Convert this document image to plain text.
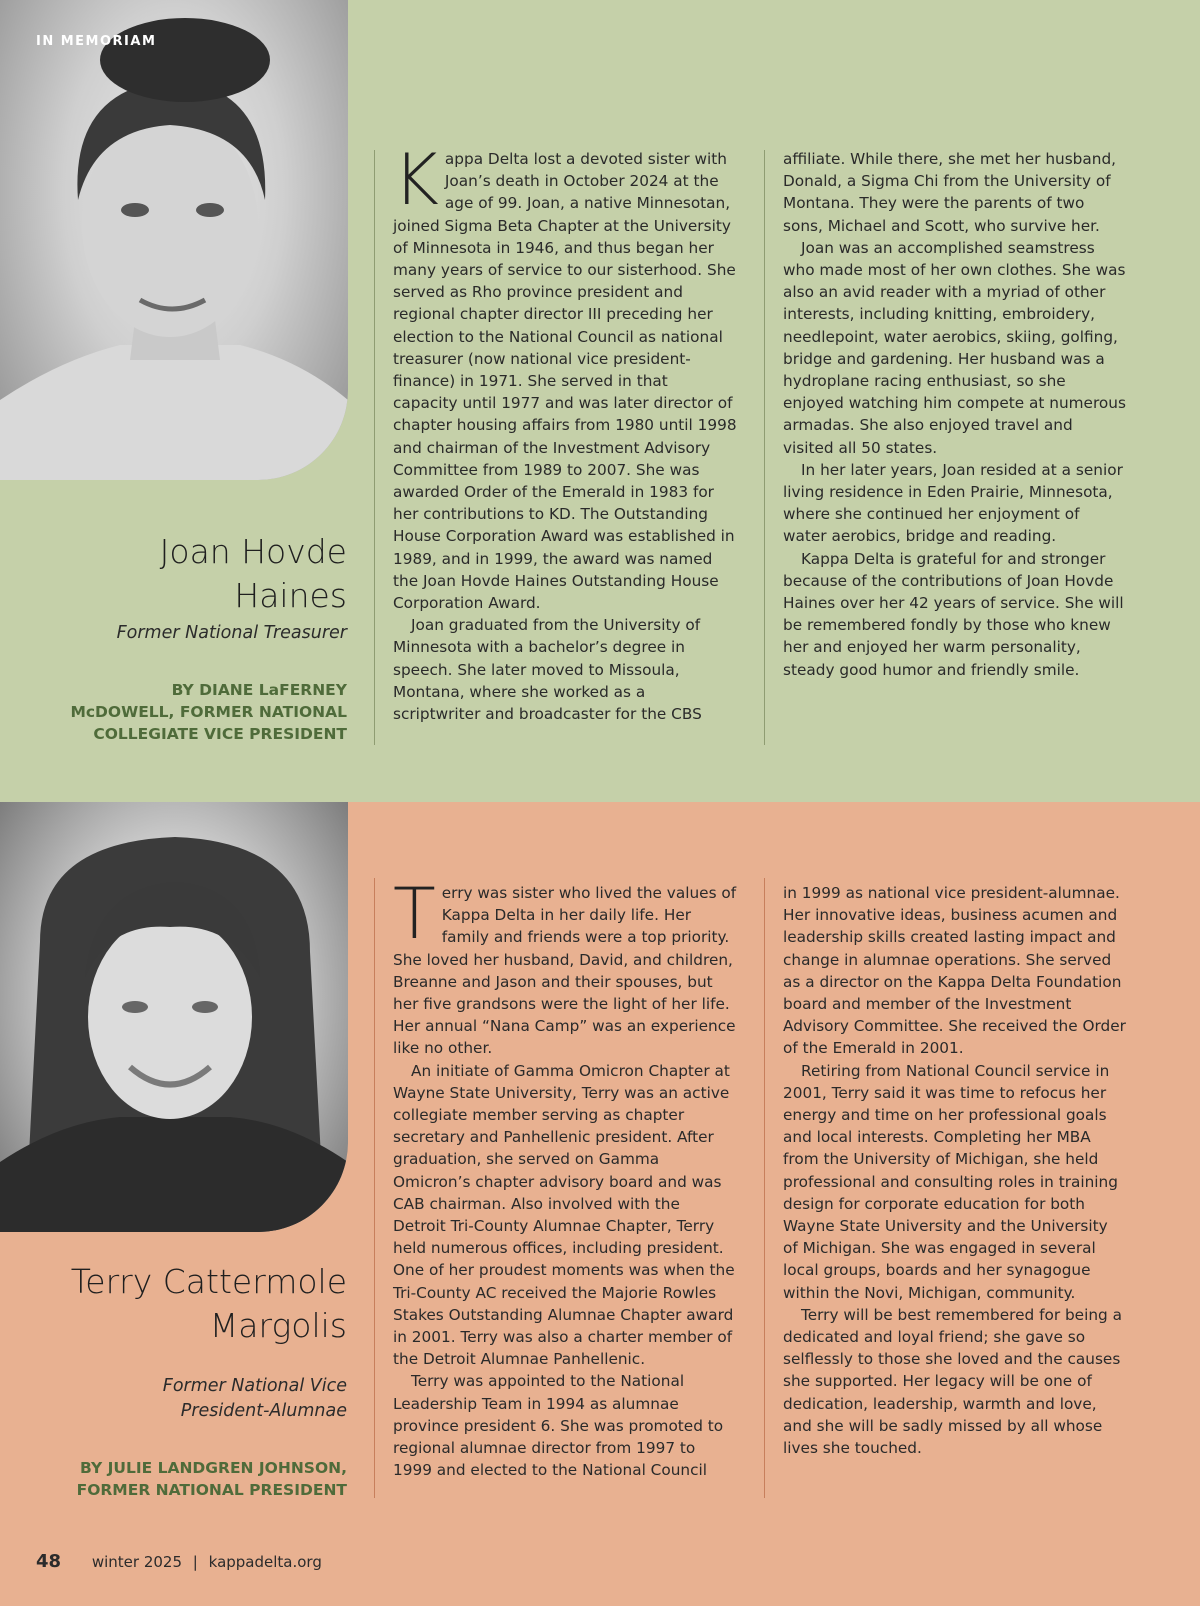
IN MEMORIAM
Joan Hovde
Haines
Former National Treasurer
BY DIANE LaFERNEY
McDOWELL, FORMER NATIONAL
COLLEGIATE VICE PRESIDENT

Kappa Delta lost a devoted sister with Joan’s death in October 2024 at the age of 99. Joan, a native Minnesotan, joined Sigma Beta Chapter at the University of Minnesota in 1946, and thus began her many years of service to our sisterhood. She served as Rho province president and regional chapter director III preceding her election to the National Council as national treasurer (now national vice president-finance) in 1971. She served in that capacity until 1977 and was later director of chapter housing affairs from 1980 until 1998 and chairman of the Investment Advisory Committee from 1989 to 2007. She was awarded Order of the Emerald in 1983 for her contributions to KD. The Outstanding House Corporation Award was established in 1989, and in 1999, the award was named the Joan Hovde Haines Outstanding House Corporation Award.

Joan graduated from the University of Minnesota with a bachelor’s degree in speech. She later moved to Missoula, Montana, where she worked as a scriptwriter and broadcaster for the CBS

affiliate. While there, she met her husband, Donald, a Sigma Chi from the University of Montana. They were the parents of two sons, Michael and Scott, who survive her.

Joan was an accomplished seamstress who made most of her own clothes. She was also an avid reader with a myriad of other interests, including knitting, embroidery, needlepoint, water aerobics, skiing, golfing, bridge and gardening. Her husband was a hydroplane racing enthusiast, so she enjoyed watching him compete at numerous armadas. She also enjoyed travel and visited all 50 states.

In her later years, Joan resided at a senior living residence in Eden Prairie, Minnesota, where she continued her enjoyment of water aerobics, bridge and reading.

Kappa Delta is grateful for and stronger because of the contributions of Joan Hovde Haines over her 42 years of service. She will be remembered fondly by those who knew her and enjoyed her warm personality, steady good humor and friendly smile.

Terry Cattermole
Margolis
Former National Vice
President-Alumnae
BY JULIE LANDGREN JOHNSON,
FORMER NATIONAL PRESIDENT

Terry was sister who lived the values of Kappa Delta in her daily life. Her family and friends were a top priority. She loved her husband, David, and children, Breanne and Jason and their spouses, but her five grandsons were the light of her life. Her annual “Nana Camp” was an experience like no other.

An initiate of Gamma Omicron Chapter at Wayne State University, Terry was an active collegiate member serving as chapter secretary and Panhellenic president. After graduation, she served on Gamma Omicron’s chapter advisory board and was CAB chairman. Also involved with the Detroit Tri-County Alumnae Chapter, Terry held numerous offices, including president. One of her proudest moments was when the Tri-County AC received the Majorie Rowles Stakes Outstanding Alumnae Chapter award in 2001. Terry was also a charter member of the Detroit Alumnae Panhellenic.

Terry was appointed to the National Leadership Team in 1994 as alumnae province president 6. She was promoted to regional alumnae director from 1997 to 1999 and elected to the National Council

in 1999 as national vice president-alumnae. Her innovative ideas, business acumen and leadership skills created lasting impact and change in alumnae operations. She served as a director on the Kappa Delta Foundation board and member of the Investment Advisory Committee. She received the Order of the Emerald in 2001.

Retiring from National Council service in 2001, Terry said it was time to refocus her energy and time on her professional goals and local interests. Completing her MBA from the University of Michigan, she held professional and consulting roles in training design for corporate education for both Wayne State University and the University of Michigan. She was engaged in several local groups, boards and her synagogue within the Novi, Michigan, community.

Terry will be best remembered for being a dedicated and loyal friend; she gave so selflessly to those she loved and the causes she supported. Her legacy will be one of dedication, leadership, warmth and love, and she will be sadly missed by all whose lives she touched.

48 winter 2025 | kappadelta.org
